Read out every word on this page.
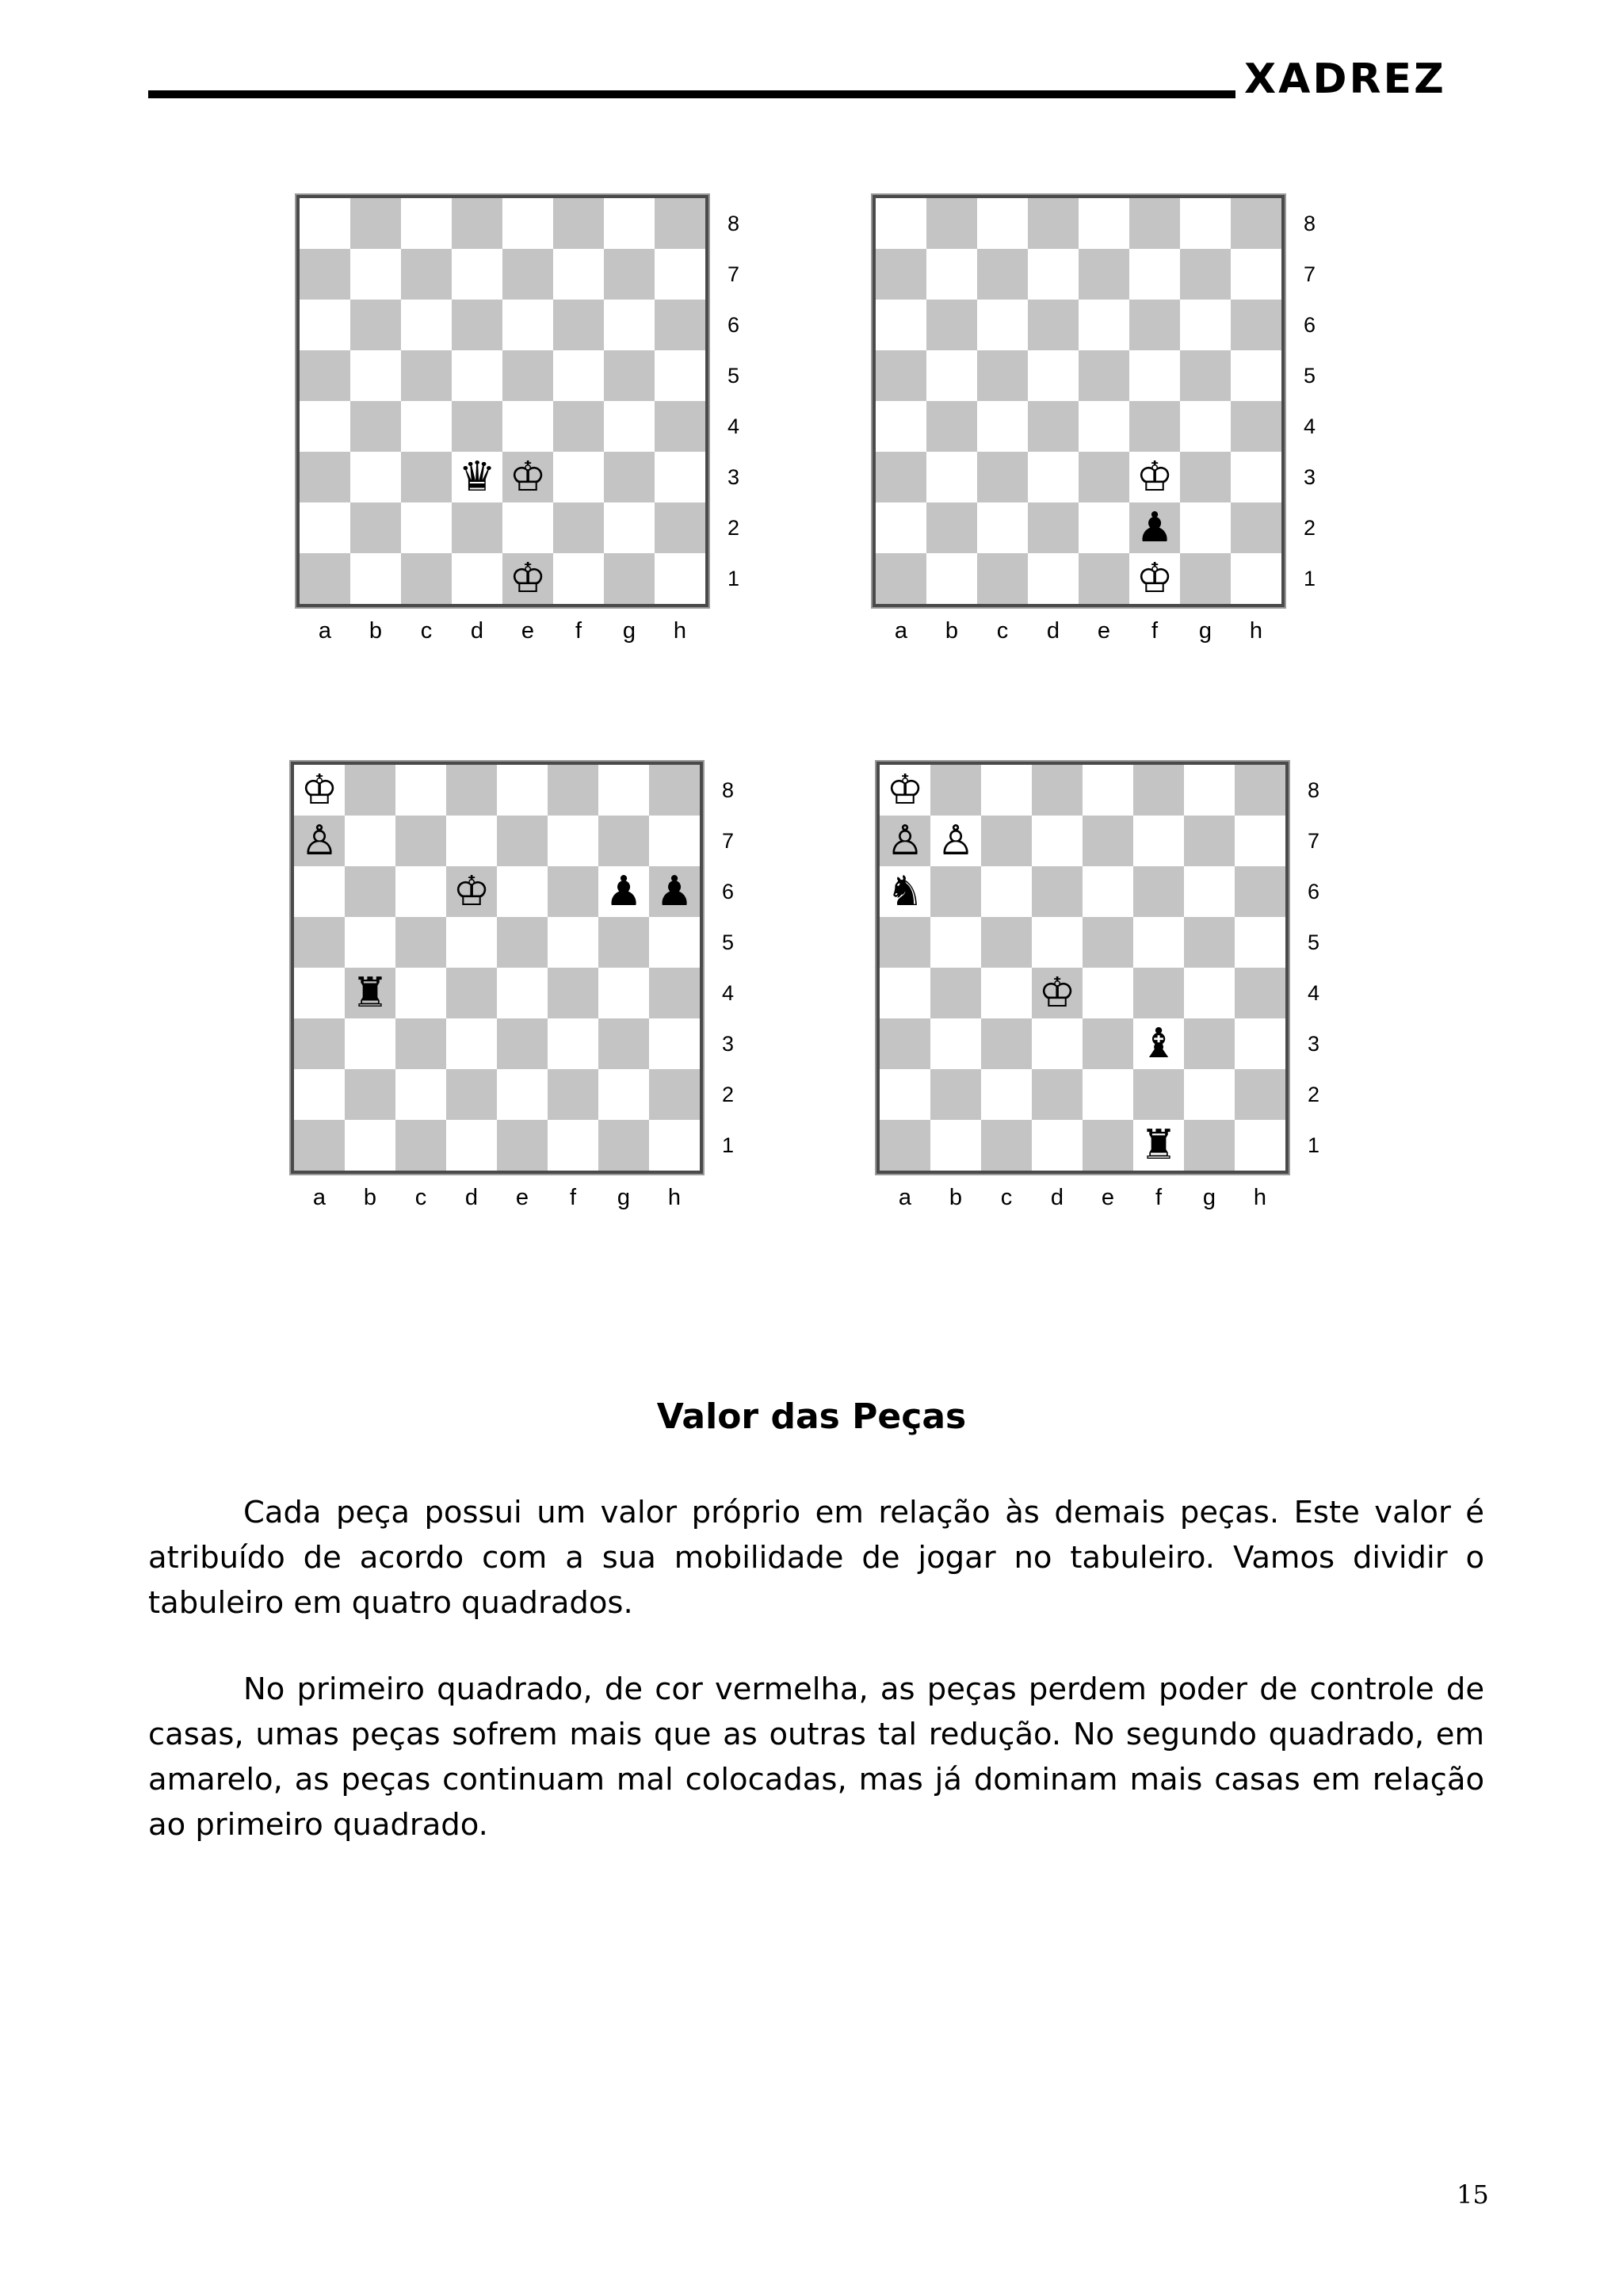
XADREZ
♛ ♔
♔
8
7
6
5
4
3
2
1
a	b	c	d	e	f	g	h
♔
♟
♔
8
7
6
5
4
3
2
1
a	b	c	d	e	f	g	h
♔
♙
♔	♟ ♟
♜
8
7
6
5
4
3
2
1
a	b	c	d	e	f	g	h
♔
♙ ♙
♞
♔
♝
♜
8
7
6
5
4
3
2
1
a	b	c	d	e	f	g	h
Valor das Peças

Cada peça possui um valor próprio em relação às demais peças. Este valor é atribuído de acordo com a sua mobilidade de jogar no tabuleiro. Vamos dividir o tabuleiro em quatro quadrados.

No primeiro quadrado, de cor vermelha, as peças perdem poder de controle de casas, umas peças sofrem mais que as outras tal redução. No segundo quadrado, em amarelo, as peças continuam mal colocadas, mas já dominam mais casas em relação ao primeiro quadrado.

15
